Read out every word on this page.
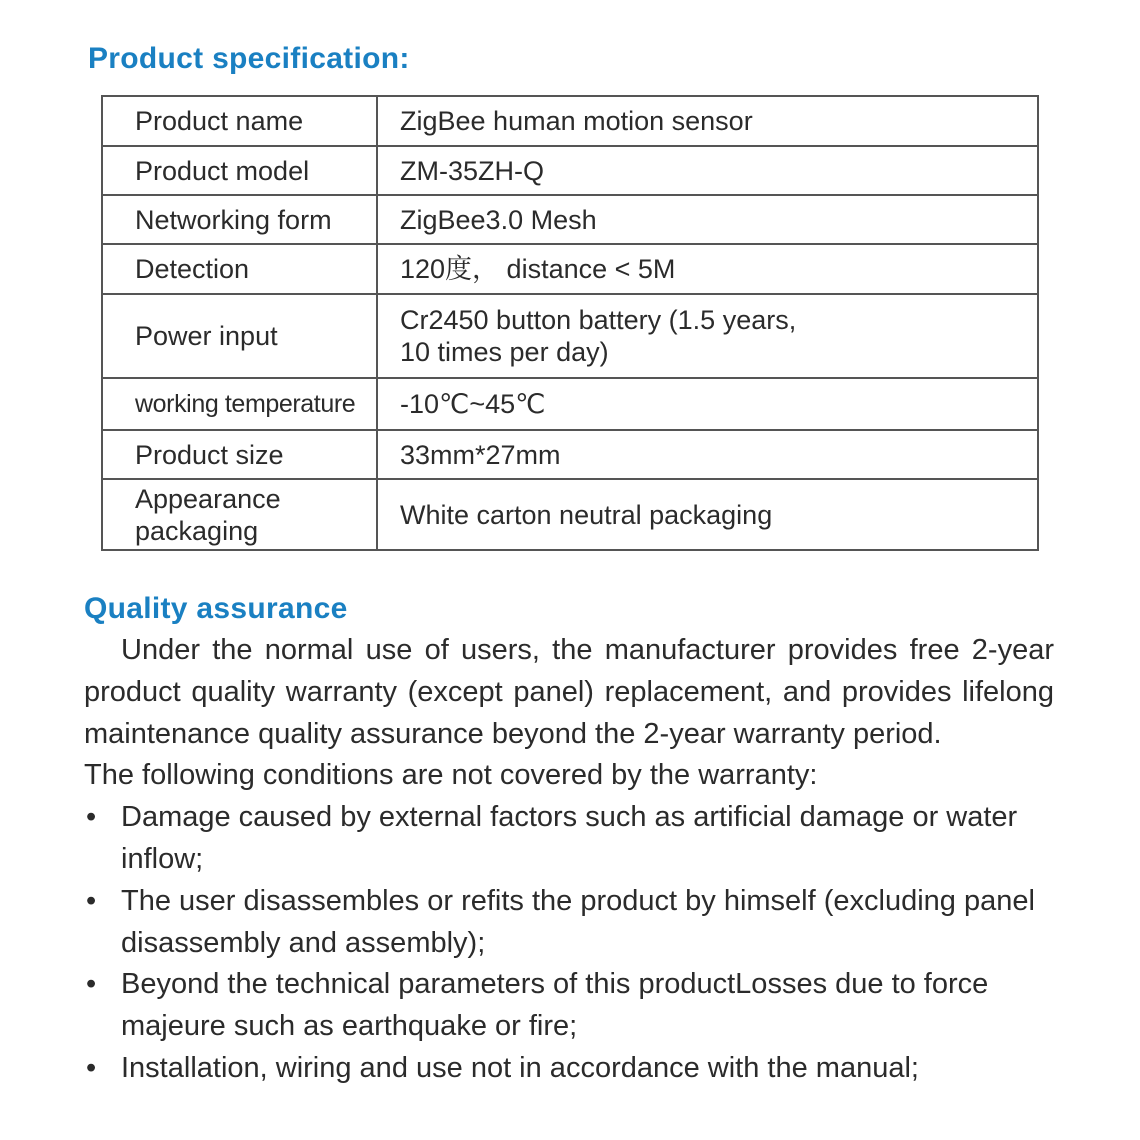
Product specification:
Product name	ZigBee human motion sensor
Product model	ZM-35ZH-Q
Networking form	ZigBee3.0 Mesh
Detection	120度， distance < 5M
Power input	Cr2450 button battery (1.5 years,
10 times per day)

working temperature	-10℃~45℃
Product size	33mm*27mm

Appearance
packaging	White carton neutral packaging
Quality assurance

Under the normal use of users, the manufacturer provides free 2-year product quality warranty (except panel) replacement, and provides lifelong maintenance quality assurance beyond the 2-year warranty period.

The following conditions are not covered by the warranty:

• Damage caused by external factors such as artificial damage or water inflow;
• The user disassembles or refits the product by himself (excluding panel disassembly and assembly);
• Beyond the technical parameters of this productLosses due to force majeure such as earthquake or fire;
• Installation, wiring and use not in accordance with the manual;
